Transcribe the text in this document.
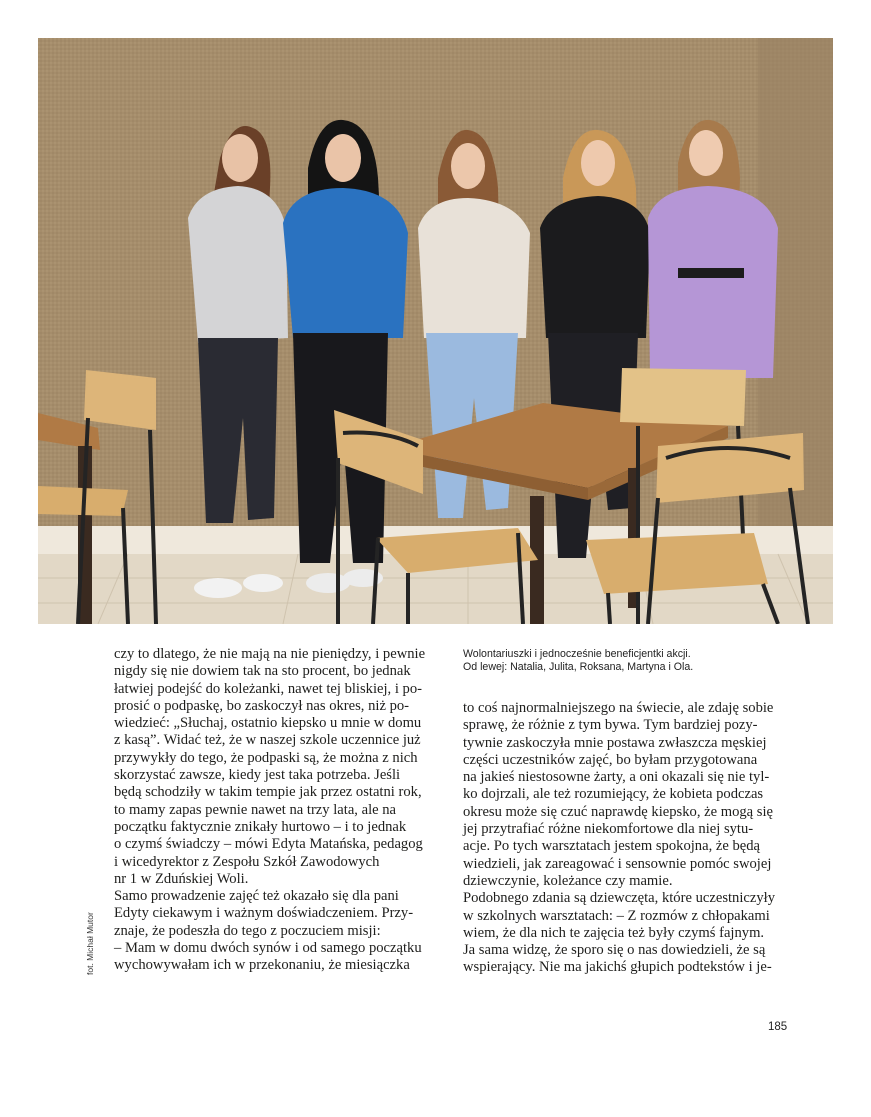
czy to dlatego, że nie mają na nie pieniędzy, i pewnie

nigdy się nie dowiem tak na sto procent, bo jednak

łatwiej podejść do koleżanki, nawet tej bliskiej, i po-

prosić o podpaskę, bo zaskoczył nas okres, niż po-

wiedzieć: „Słuchaj, ostatnio kiepsko u mnie w domu

z kasą”. Widać też, że w naszej szkole uczennice już

przywykły do tego, że podpaski są, że można z nich

skorzystać zawsze, kiedy jest taka potrzeba. Jeśli

będą schodziły w takim tempie jak przez ostatni rok,

to mamy zapas pewnie nawet na trzy lata, ale na

początku faktycznie znikały hurtowo – i to jednak

o czymś świadczy – mówi Edyta Matańska, pedagog

i wicedyrektor z Zespołu Szkół Zawodowych

nr 1 w Zduńskiej Woli.

Samo prowadzenie zajęć też okazało się dla pani

Edyty ciekawym i ważnym doświadczeniem. Przy-

znaje, że podeszła do tego z poczuciem misji:

– Mam w domu dwóch synów i od samego początku

wychowywałam ich w przekonaniu, że miesiączka

Wolontariuszki i jednocześnie beneficjentki akcji.

Od lewej: Natalia, Julita, Roksana, Martyna i Ola.

to coś najnormalniejszego na świecie, ale zdaję sobie

sprawę, że różnie z tym bywa. Tym bardziej pozy-

tywnie zaskoczyła mnie postawa zwłaszcza męskiej

części uczestników zajęć, bo byłam przygotowana

na jakieś niestosowne żarty, a oni okazali się nie tyl-

ko dojrzali, ale też rozumiejący, że kobieta podczas

okresu może się czuć naprawdę kiepsko, że mogą się

jej przytrafiać różne niekomfortowe dla niej sytu-

acje. Po tych warsztatach jestem spokojna, że będą

wiedzieli, jak zareagować i sensownie pomóc swojej

dziewczynie, koleżance czy mamie.

Podobnego zdania są dziewczęta, które uczestniczyły

w szkolnych warsztatach: – Z rozmów z chłopakami

wiem, że dla nich te zajęcia też były czymś fajnym.

Ja sama widzę, że sporo się o nas dowiedzieli, że są

wspierający. Nie ma jakichś głupich podtekstów i je-

fot. Michał Mutor
185
